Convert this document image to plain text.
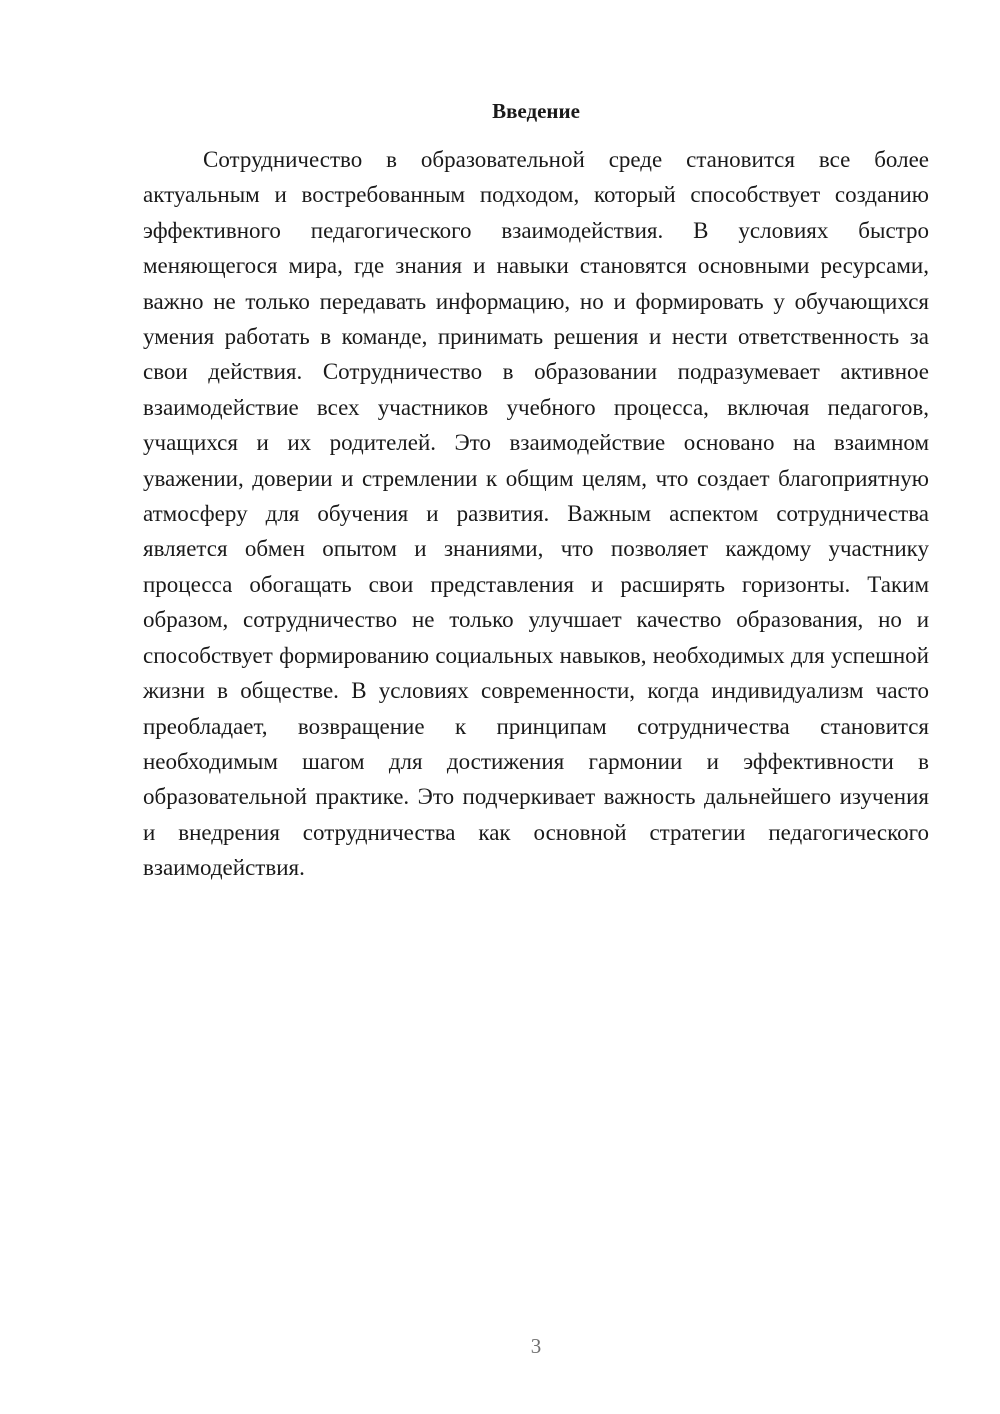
Введение

Сотрудничество в образовательной среде становится все более актуальным и востребованным подходом, который способствует созданию эффективного педагогического взаимодействия. В условиях быстро меняющегося мира, где знания и навыки становятся основными ресурсами, важно не только передавать информацию, но и формировать у обучающихся умения работать в команде, принимать решения и нести ответственность за свои действия. Сотрудничество в образовании подразумевает активное взаимодействие всех участников учебного процесса, включая педагогов, учащихся и их родителей. Это взаимодействие основано на взаимном уважении, доверии и стремлении к общим целям, что создает благоприятную атмосферу для обучения и развития. Важным аспектом сотрудничества является обмен опытом и знаниями, что позволяет каждому участнику процесса обогащать свои представления и расширять горизонты. Таким образом, сотрудничество не только улучшает качество образования, но и способствует формированию социальных навыков, необходимых для успешной жизни в обществе. В условиях современности, когда индивидуализм часто преобладает, возвращение к принципам сотрудничества становится необходимым шагом для достижения гармонии и эффективности в образовательной практике. Это подчеркивает важность дальнейшего изучения и внедрения сотрудничества как основной стратегии педагогического взаимодействия.

3
